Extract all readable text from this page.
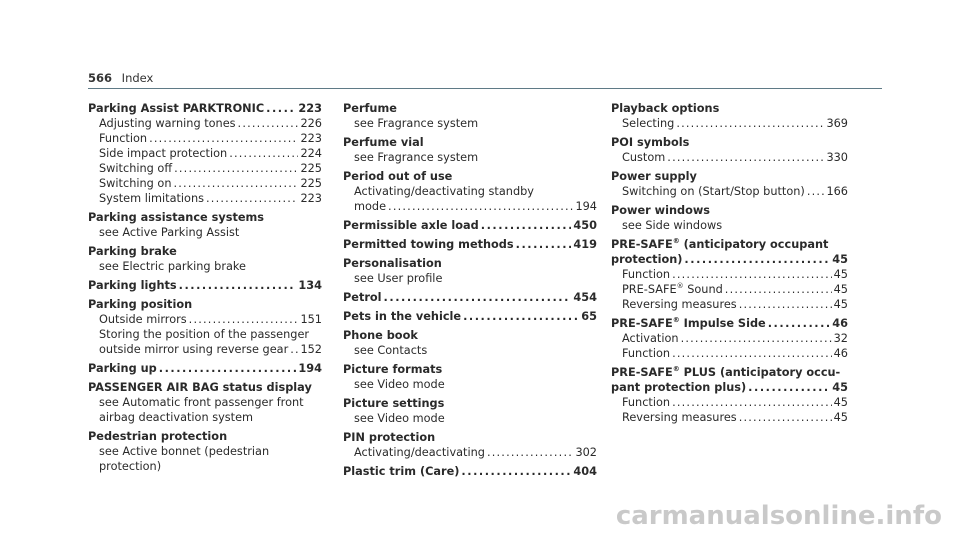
566 Index
Parking Assist PARKTRONIC . . .	223
Adjusting warning tones . . .	226
Function . . .	223
Side impact protection . . .	224
Switching off . . .	225
Switching on . . .	225
System limitations . . .	223
Parking assistance systems
see Active Parking Assist
Parking brake
see Electric parking brake
Parking lights . . .	134
Parking position
Outside mirrors . . .	151
Storing the position of the passenger
outside mirror using reverse gear . . . 152
Parking up . . .	194
PASSENGER AIR BAG status display
see Automatic front passenger front
airbag deactivation system
Pedestrian protection
see Active bonnet (pedestrian protection)
Perfume
see Fragrance system
Perfume vial
see Fragrance system
Period out of use
Activating/deactivating standby
mode . . .	194
Permissible axle load . . .	450
Permitted towing methods . . .	419
Personalisation
see User profile
Petrol . . .	454
Pets in the vehicle . . .	65
Phone book
see Contacts
Picture formats
see Video mode
Picture settings
see Video mode
PIN protection
Activating/deactivating . . .	302
Plastic trim (Care) . . .	404
Playback options
Selecting . . .	369
POI symbols
Custom . . .	330
Power supply
Switching on (Start/Stop button) . . . 166
Power windows
see Side windows
PRE-SAFE® (anticipatory occupant
protection) . . .	45
Function . . .	45
PRE-SAFE® Sound . . .	45
Reversing measures . . .	45
PRE-SAFE® Impulse Side . . .	46
Activation . . .	32
Function . . .	46
PRE-SAFE® PLUS (anticipatory occu-
pant protection plus) . . .	45
Function . . .	45
Reversing measures . . .	45
carmanualsonline.info
